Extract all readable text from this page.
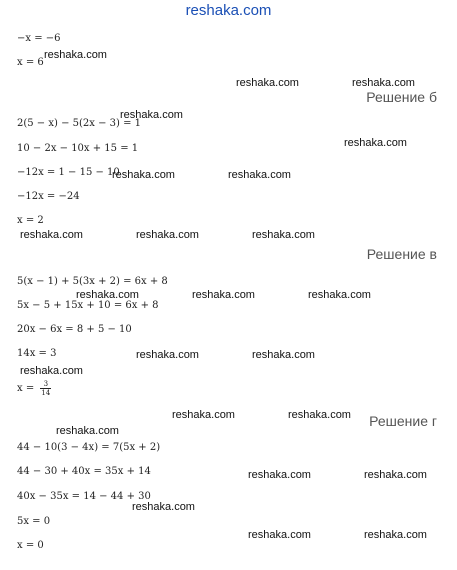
reshaka.com
−x = −6
x = 6
Решение б
2(5 − x) − 5(2x − 3) = 1
10 − 2x − 10x + 15 = 1
−12x = 1 − 15 − 10
−12x = −24
x = 2
Решение в
5(x − 1) + 5(3x + 2) = 6x + 8
5x − 5 + 15x + 10 = 6x + 8
20x − 6x = 8 + 5 − 10
14x = 3
$x = \frac{3}{14}$
Решение г
44 − 10(3 − 4x) = 7(5x + 2)
44 − 30 + 40x = 35x + 14
40x − 35x = 14 − 44 + 30
5x = 0
x = 0
reshaka.com
reshaka.com	reshaka.com
reshaka.com
reshaka.com
reshaka.com	reshaka.com
reshaka.com	reshaka.com	reshaka.com
reshaka.com	reshaka.com	reshaka.com
reshaka.com	reshaka.com
reshaka.com
reshaka.com	reshaka.com
reshaka.com
reshaka.com	reshaka.com
reshaka.com
reshaka.com	reshaka.com
